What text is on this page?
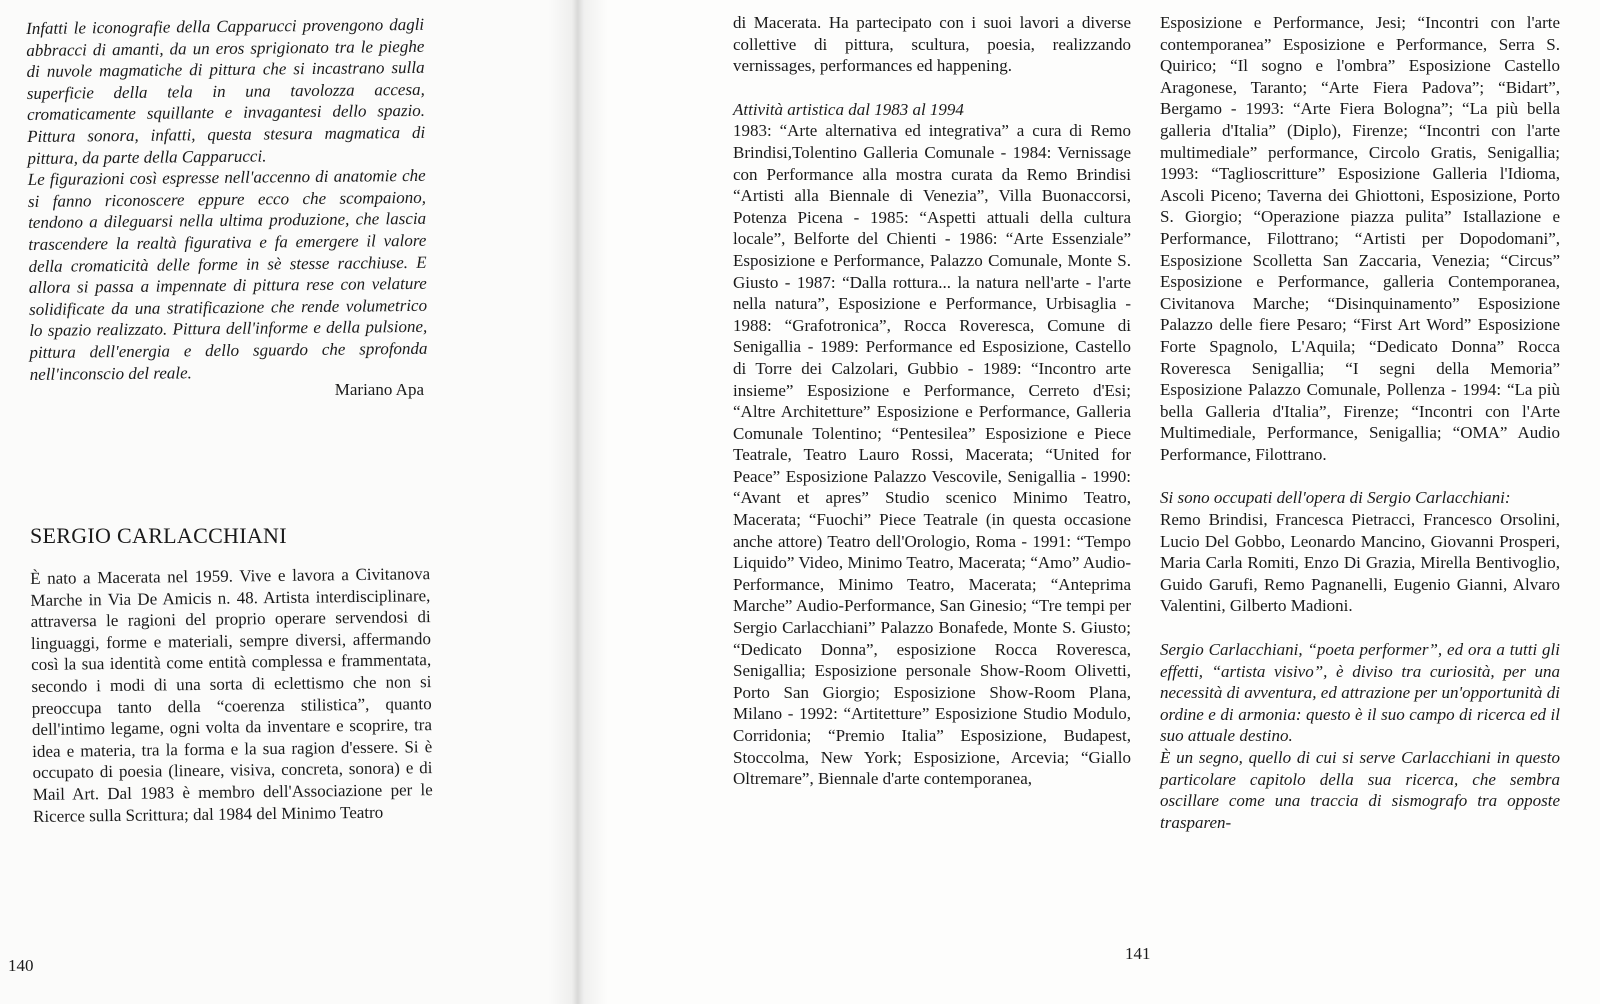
Infatti le iconografie della Capparucci provengono dagli abbracci di amanti, da un eros sprigionato tra le pieghe di nuvole magmatiche di pittura che si incastrano sulla superficie della tela in una tavolozza accesa, cromaticamente squillante e invagantesi dello spazio. Pittura sonora, infatti, questa stesura magmatica di pittura, da parte della Capparucci.

Le figurazioni così espresse nell'accenno di anatomie che si fanno riconoscere eppure ecco che scompaiono, tendono a dileguarsi nella ultima produzione, che lascia trascendere la realtà figurativa e fa emergere il valore della cromaticità delle forme in sè stesse racchiuse. E allora si passa a impennate di pittura rese con velature solidificate da una stratificazione che rende volumetrico lo spazio realizzato. Pittura dell'informe e della pulsione, pittura dell'energia e dello sguardo che sprofonda nell'inconscio del reale.

Mariano Apa
SERGIO CARLACCHIANI

È nato a Macerata nel 1959. Vive e lavora a Civitanova Marche in Via De Amicis n. 48. Artista interdisciplinare, attraversa le ragioni del proprio operare servendosi di linguaggi, forme e materiali, sempre diversi, affermando così la sua identità come entità complessa e frammentata, secondo i modi di una sorta di eclettismo che non si preoccupa tanto della “coerenza stilistica”, quanto dell'intimo legame, ogni volta da inventare e scoprire, tra idea e materia, tra la forma e la sua ragion d'essere. Si è occupato di poesia (lineare, visiva, concreta, sonora) e di Mail Art. Dal 1983 è membro dell'Associazione per le Ricerce sulla Scrittura; dal 1984 del Minimo Teatro

140

di Macerata. Ha partecipato con i suoi lavori a diverse collettive di pittura, scultura, poesia, realizzando vernissages, performances ed happening.

Attività artistica dal 1983 al 1994

1983: “Arte alternativa ed integrativa” a cura di Remo Brindisi,Tolentino Galleria Comunale - 1984: Vernissage con Performance alla mostra curata da Remo Brindisi “Artisti alla Biennale di Venezia”, Villa Buonaccorsi, Potenza Picena - 1985: “Aspetti attuali della cultura locale”, Belforte del Chienti - 1986: “Arte Essenziale” Esposizione e Performance, Palazzo Comunale, Monte S. Giusto - 1987: “Dalla rottura... la natura nell'arte - l'arte nella natura”, Esposizione e Performance, Urbisaglia - 1988: “Grafotronica”, Rocca Roveresca, Comune di Senigallia - 1989: Performance ed Esposizione, Castello di Torre dei Calzolari, Gubbio - 1989: “Incontro arte insieme” Esposizione e Performance, Cerreto d'Esi; “Altre Architetture” Esposizione e Performance, Galleria Comunale Tolentino; “Pentesilea” Esposizione e Piece Teatrale, Teatro Lauro Rossi, Macerata; “United for Peace” Esposizione Palazzo Vescovile, Senigallia - 1990: “Avant et apres” Studio scenico Minimo Teatro, Macerata; “Fuochi” Piece Teatrale (in questa occasione anche attore) Teatro dell'Orologio, Roma - 1991: “Tempo Liquido” Video, Minimo Teatro, Macerata; “Amo” Audio-Performance, Minimo Teatro, Macerata; “Anteprima Marche” Audio-Performance, San Ginesio; “Tre tempi per Sergio Carlacchiani” Palazzo Bonafede, Monte S. Giusto; “Dedicato Donna”, esposizione Rocca Roveresca, Senigallia; Esposizione personale Show-Room Olivetti, Porto San Giorgio; Esposizione Show-Room Plana, Milano - 1992: “Artitetture” Esposizione Studio Modulo, Corridonia; “Premio Italia” Esposizione, Budapest, Stoccolma, New York; Esposizione, Arcevia; “Giallo Oltremare”, Biennale d'arte contemporanea,

Esposizione e Performance, Jesi; “Incontri con l'arte contemporanea” Esposizione e Performance, Serra S. Quirico; “Il sogno e l'ombra” Esposizione Castello Aragonese, Taranto; “Arte Fiera Padova”; “Bidart”, Bergamo - 1993: “Arte Fiera Bologna”; “La più bella galleria d'Italia” (Diplo), Firenze; “Incontri con l'arte multimediale” performance, Circolo Gratis, Senigallia; 1993: “Taglioscritture” Esposizione Galleria l'Idioma, Ascoli Piceno; Taverna dei Ghiottoni, Esposizione, Porto S. Giorgio; “Operazione piazza pulita” Istallazione e Performance, Filottrano; “Artisti per Dopodomani”, Esposizione Scolletta San Zaccaria, Venezia; “Circus” Esposizione e Performance, galleria Contemporanea, Civitanova Marche; “Disinquinamento” Esposizione Palazzo delle fiere Pesaro; “First Art Word” Esposizione Forte Spagnolo, L'Aquila; “Dedicato Donna” Rocca Roveresca Senigallia; “I segni della Memoria” Esposizione Palazzo Comunale, Pollenza - 1994: “La più bella Galleria d'Italia”, Firenze; “Incontri con l'Arte Multimediale, Performance, Senigallia; “OMA” Audio Performance, Filottrano.

Si sono occupati dell'opera di Sergio Carlacchiani:

Remo Brindisi, Francesca Pietracci, Francesco Orsolini, Lucio Del Gobbo, Leonardo Mancino, Giovanni Prosperi, Maria Carla Romiti, Enzo Di Grazia, Mirella Bentivoglio, Guido Garufi, Remo Pagnanelli, Eugenio Gianni, Alvaro Valentini, Gilberto Madioni.

Sergio Carlacchiani, “poeta performer”, ed ora a tutti gli effetti, “artista visivo”, è diviso tra curiosità, per una necessità di avventura, ed attrazione per un'opportunità di ordine e di armonia: questo è il suo campo di ricerca ed il suo attuale destino.

È un segno, quello di cui si serve Carlacchiani in questo particolare capitolo della sua ricerca, che sembra oscillare come una traccia di sismografo tra opposte trasparen-

141
